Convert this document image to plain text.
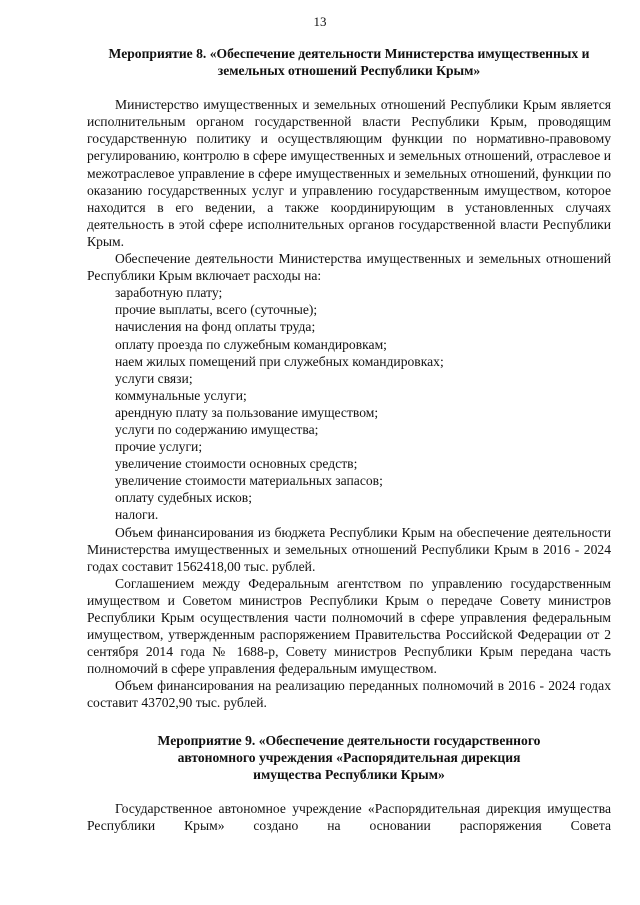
13

Мероприятие 8. «Обеспечение деятельности Министерства имущественных и земельных отношений Республики Крым»

Министерство имущественных и земельных отношений Республики Крым является исполнительным органом государственной власти Республики Крым, проводящим государственную политику и осуществляющим функции по нормативно-правовому регулированию, контролю в сфере имущественных и земельных отношений, отраслевое и межотраслевое управление в сфере имущественных и земельных отношений, функции по оказанию государственных услуг и управлению государственным имуществом, которое находится в его ведении, а также координирующим в установленных случаях деятельность в этой сфере исполнительных органов государственной власти Республики Крым.

Обеспечение деятельности Министерства имущественных и земельных отношений Республики Крым включает расходы на:

заработную плату;
прочие выплаты, всего (суточные);
начисления на фонд оплаты труда;
оплату проезда по служебным командировкам;
наем жилых помещений при служебных командировках;
услуги связи;
коммунальные услуги;
арендную плату за пользование имуществом;
услуги по содержанию имущества;
прочие услуги;
увеличение стоимости основных средств;
увеличение стоимости материальных запасов;
оплату судебных исков;
налоги.

Объем финансирования из бюджета Республики Крым на обеспечение деятельности Министерства имущественных и земельных отношений Республики Крым в 2016 - 2024 годах составит 1562418,00 тыс. рублей.

Соглашением между Федеральным агентством по управлению государственным имуществом и Советом министров Республики Крым о передаче Совету министров Республики Крым осуществления части полномочий в сфере управления федеральным имуществом, утвержденным распоряжением Правительства Российской Федерации от 2 сентября 2014 года № 1688-р, Совету министров Республики Крым передана часть полномочий в сфере управления федеральным имуществом.

Объем финансирования на реализацию переданных полномочий в 2016 - 2024 годах составит 43702,90 тыс. рублей.

Мероприятие 9. «Обеспечение деятельности государственного
автономного учреждения «Распорядительная дирекция
имущества Республики Крым»

Государственное автономное учреждение «Распорядительная дирекция имущества Республики Крым» создано на основании распоряжения Совета
